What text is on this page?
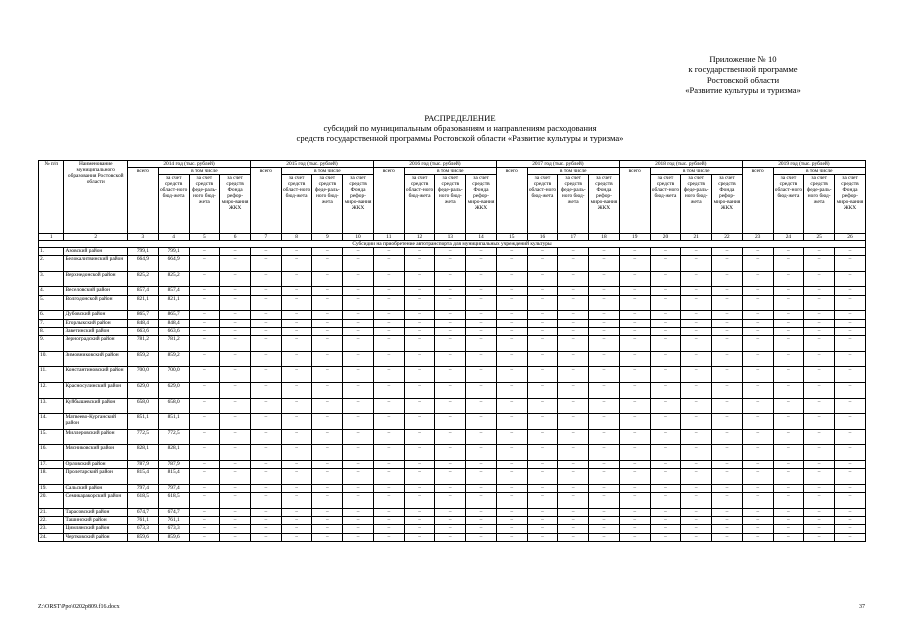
Приложение № 10
к государственной программе
Ростовской области
«Развитие культуры и туризма»
РАСПРЕДЕЛЕНИЕ
субсидий по муниципальным образованиям и направлениям расходования
средств государственной программы Ростовской области «Развитие культуры и туризма»
№ п/п	Наименование муниципального образования Ростовской области	2014 год (тыс. рублей)				2015 год (тыс. рублей)				2016 год (тыс. рублей)				2017 год (тыс. рублей)				2018 год (тыс. рублей)				2019 год (тыс. рублей)			
		всего	в том числе			всего	в том числе			всего	в том числе			всего	в том числе			всего	в том числе			всего	в том числе		
			за счет средств област-ного бюд-жета	за счет средств феде-раль-ного бюд-жета	за счет средств Фонда рефор-миро-вания ЖКХ		за счет средств област-ного бюд-жета	за счет средств феде-раль-ного бюд-жета	за счет средств Фонда рефор-миро-вания ЖКХ		за счет средств област-ного бюд-жета	за счет средств феде-раль-ного бюд-жета	за счет средств Фонда рефор-миро-вания ЖКХ		за счет средств област-ного бюд-жета	за счет средств феде-раль-ного бюд-жета	за счет средств Фонда рефор-миро-вания ЖКХ		за счет средств област-ного бюд-жета	за счет средств феде-раль-ного бюд-жета	за счет средств Фонда рефор-миро-вания ЖКХ		за счет средств област-ного бюд-жета	за счет средств феде-раль-ного бюд-жета	за счет средств Фонда рефор-миро-вания ЖКХ
1	2	3	4	5	6	7	8	9	10	11	12	13	14	15	16	17	18	19	20	21	22	23	24	25	26
Субсидии на приобретение автотранспорта для муниципальных учреждений культуры																									
1.	Азовский район	799,1	799,1	–	–	–	–	–	–	–	–	–	–	–	–	–	–	–	–	–	–	–	–	–	–
2.	Белокалитвинский район	664,9	664,9	–	–	–	–	–	–	–	–	–	–	–	–	–	–	–	–	–	–	–	–	–	–
3.	Верхнедонской район	825,2	825,2	–	–	–	–	–	–	–	–	–	–	–	–	–	–	–	–	–	–	–	–	–	–
4.	Веселовский район	857,4	857,4	–	–	–	–	–	–	–	–	–	–	–	–	–	–	–	–	–	–	–	–	–	–
5.	Волгодонской район	821,1	821,1	–	–	–	–	–	–	–	–	–	–	–	–	–	–	–	–	–	–	–	–	–	–
6.	Дубовский район	865,7	865,7	–	–	–	–	–	–	–	–	–	–	–	–	–	–	–	–	–	–	–	–	–	–
7.	Егорлыкский район	848,4	848,4	–	–	–	–	–	–	–	–	–	–	–	–	–	–	–	–	–	–	–	–	–	–
8.	Заветинский район	663,6	663,6	–	–	–	–	–	–	–	–	–	–	–	–	–	–	–	–	–	–	–	–	–	–
9.	Зерноградский район	781,2	781,2	–	–	–	–	–	–	–	–	–	–	–	–	–	–	–	–	–	–	–	–	–	–
10.	Зимовниковский район	859,2	859,2	–	–	–	–	–	–	–	–	–	–	–	–	–	–	–	–	–	–	–	–	–	–
11.	Константиновский район	700,0	700,0	–	–	–	–	–	–	–	–	–	–	–	–	–	–	–	–	–	–	–	–	–	–
12.	Красносулинский район	629,0	629,0	–	–	–	–	–	–	–	–	–	–	–	–	–	–	–	–	–	–	–	–	–	–
13.	Куйбышевский район	658,0	658,0	–	–	–	–	–	–	–	–	–	–	–	–	–	–	–	–	–	–	–	–	–	–
14.	Матвеево-Курганский район	851,1	851,1	–	–	–	–	–	–	–	–	–	–	–	–	–	–	–	–	–	–	–	–	–	–
15.	Миллеровский район	772,5	772,5	–	–	–	–	–	–	–	–	–	–	–	–	–	–	–	–	–	–	–	–	–	–
16.	Мясниковский район	828,1	828,1	–	–	–	–	–	–	–	–	–	–	–	–	–	–	–	–	–	–	–	–	–	–
17.	Орловский район	787,9	787,9	–	–	–	–	–	–	–	–	–	–	–	–	–	–	–	–	–	–	–	–	–	–
18.	Пролетарский район	815,4	815,4	–	–	–	–	–	–	–	–	–	–	–	–	–	–	–	–	–	–	–	–	–	–
19.	Сальский район	797,4	797,4	–	–	–	–	–	–	–	–	–	–	–	–	–	–	–	–	–	–	–	–	–	–
20.	Семикаракорский район	618,5	618,5	–	–	–	–	–	–	–	–	–	–	–	–	–	–	–	–	–	–	–	–	–	–
21.	Тарасовский район	674,7	674,7	–	–	–	–	–	–	–	–	–	–	–	–	–	–	–	–	–	–	–	–	–	–
22.	Ташинский район	761,1	761,1	–	–	–	–	–	–	–	–	–	–	–	–	–	–	–	–	–	–	–	–	–	–
23.	Цимлянский район	673,3	673,3	–	–	–	–	–	–	–	–	–	–	–	–	–	–	–	–	–	–	–	–	–	–
24.	Чертковский район	859,6	859,6	–	–	–	–	–	–	–	–	–	–	–	–	–	–	–	–	–	–	–	–	–	–
Z:\ORST\Ppo\0202p809.f16.docx	37
